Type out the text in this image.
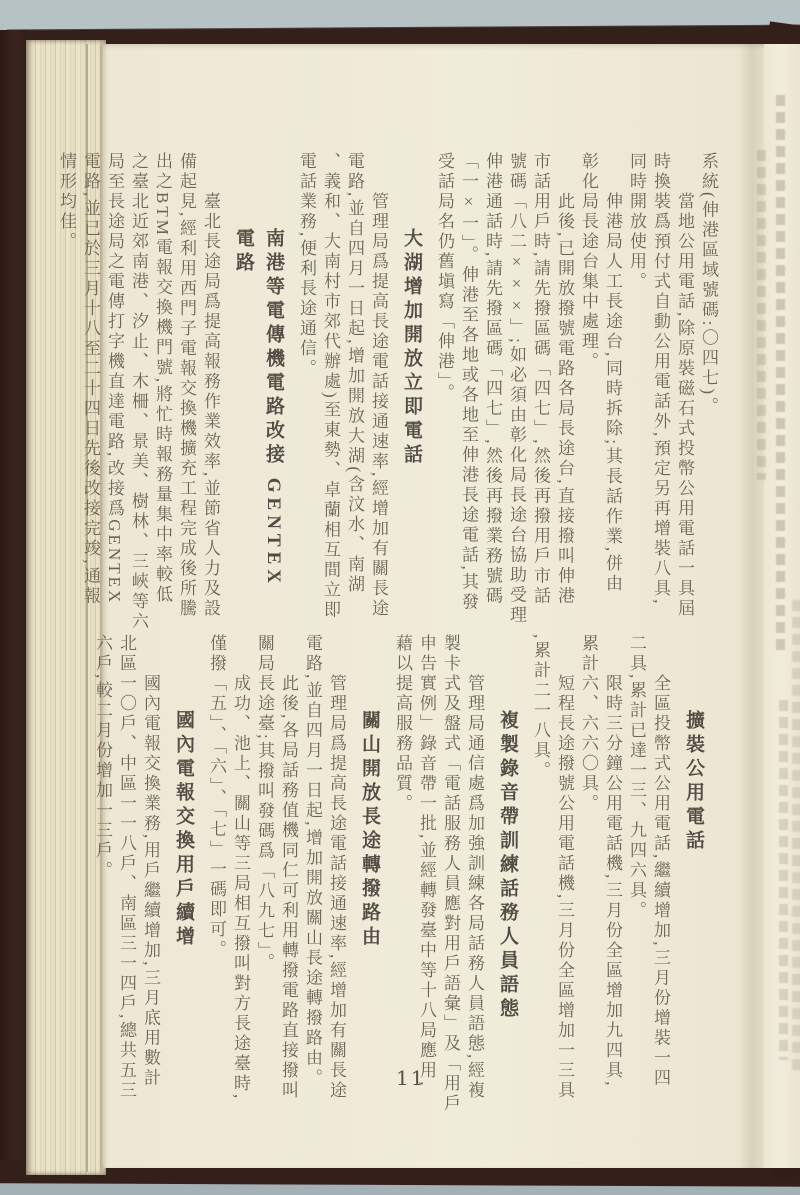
系統(伸港區域號碼:〇四七)。
　　當地公用電話,除原裝磁石式投幣公用電話一具屆
時換裝爲預付式自動公用電話外,預定另再增裝八具,
同時開放使用。
　　伸港局人工長途台,同時拆除;其長話作業,併由
彰化局長途台集中處理。
　　此後,已開放撥號電路各局長途台,直接撥叫伸港
市話用戶時,請先撥區碼「四七」,然後再撥用戶市話
號碼「八二×××」;如必須由彰化局長途台協助受理
伸港通話時,請先撥區碼「四七」,然後再撥業務號碼
「一×一」。伸港至各地或各地至伸港長途電話,其發
受話局名仍舊塡寫「伸港」。
大湖增加開放立即電話
　　管理局爲提高長途電話接通速率,經增加有關長途
電路,並自四月一日起,增加開放大湖(含汶水、南湖
、義和、大南村市郊代辦處)至東勢、卓蘭相互間立即
電話業務,便利長途通信。
南港等電傳機電路改接 GENTEX 電路
　　臺北長途局爲提高報務作業效率,並節省人力及設
備起見,經利用西門子電報交換機擴充工程完成後所騰
出之BTM電報交換機門號,將忙時報務量集中率較低
之臺北近郊南港、汐止、木柵、景美、樹林、三峽等六
局至長途局之電傳打字機直達電路,改接爲GENTEX
電路,並已於三月十八至二十四日先後改接完竣,通報
情形均佳。
擴裝公用電話
　　全區投幣式公用電話,繼續增加,三月份增裝一四
二具,累計已達一三、九四六具。
　　限時三分鐘公用電話機,三月份全區增加九四具,
累計六、六六〇具。
　　短程長途撥號公用電話機,三月份全區增加一三具
,累計二一八具。
複製錄音帶訓練話務人員語態
　　管理局通信處爲加強訓練各局話務人員語態,經複
製卡式及盤式「電話服務人員應對用戶語彙」及「用戶
申告實例」錄音帶一批,並經轉發臺中等十八局應用,
藉以提高服務品質。
關山開放長途轉撥路由
　　管理局爲提高長途電話接通速率,經增加有關長途
電路,並自四月一日起,增加開放關山長途轉撥路由。
　　此後,各局話務值機同仁可利用轉撥電路直接撥叫
關局長途臺;其撥叫發碼爲「八九七」。
　　成功、池上、關山等三局相互撥叫對方長途臺時,
僅撥「五」、「六」、「七」一碼即可。
國內電報交換用戶續增
　　國內電報交換業務,用戶繼續增加,三月底用數計
北區一〇戶、中區一一八戶、南區三一四戶,總共五三
六戶,較二月份增加一三戶。
11
